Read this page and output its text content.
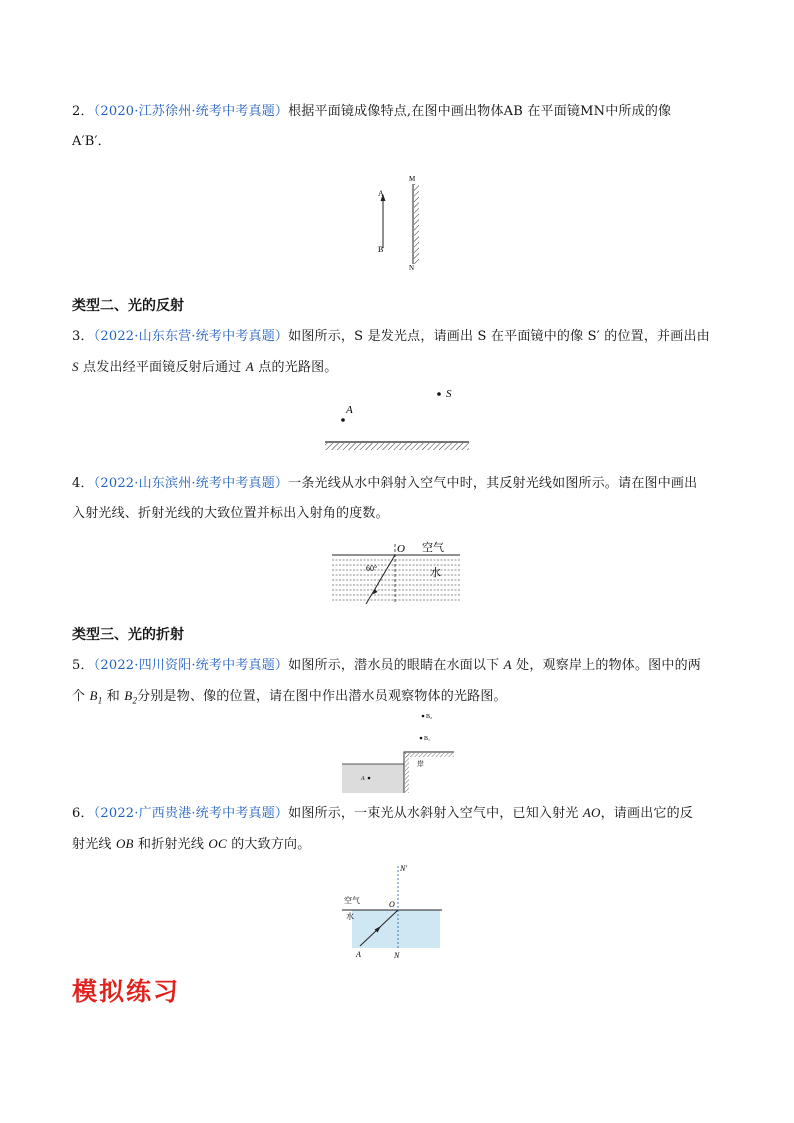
2．（2020·江苏徐州·统考中考真题）根据平面镜成像特点,在图中画出物体AB 在平面镜MN中所成的像
A′B′．
A
B
M
N
类型二、光的反射
3．（2022·山东东营·统考中考真题）如图所示，S 是发光点，请画出 S 在平面镜中的像 S′ 的位置，并画出由
S 点发出经平面镜反射后通过 A 点的光路图。
A
S
4．（2022·山东滨州·统考中考真题）一条光线从水中斜射入空气中时，其反射光线如图所示。请在图中画出
入射光线、折射光线的大致位置并标出入射角的度数。
O 空气
水
60°
类型三、光的折射
5．（2022·四川资阳·统考中考真题）如图所示，潜水员的眼睛在水面以下 A 处，观察岸上的物体。图中的两
个 $B_1$ 和 $B_2$分别是物、像的位置，请在图中作出潜水员观察物体的光路图。
B₂
B₁
岸
A
6．（2022·广西贵港·统考中考真题）如图所示，一束光从水斜射入空气中，已知入射光 AO，请画出它的反
射光线 OB 和折射光线 OC 的大致方向。
N′
空气
水
O
A	N
模拟练习
